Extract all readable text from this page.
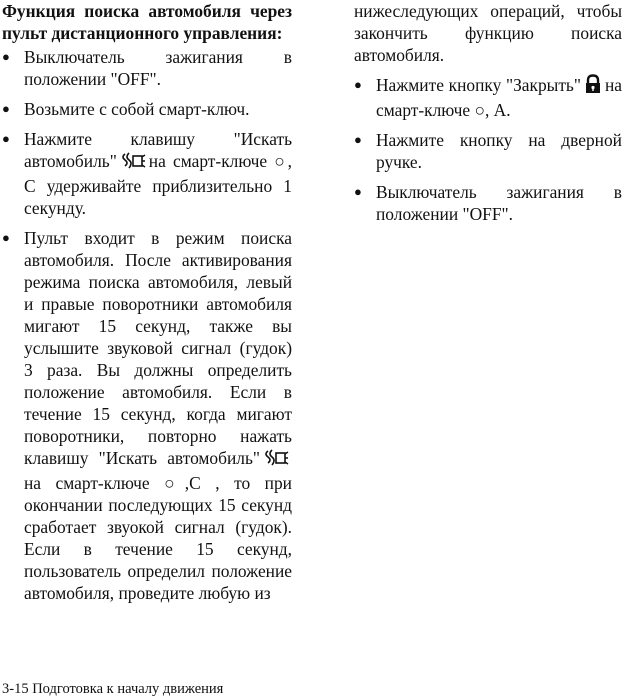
Функция поиска автомобиля через пульт дистанционного управления:

● Выключатель зажигания в положении "OFF".
● Возьмите с собой смарт-ключ.
● Нажмите клавишу "Искать автомобиль" на смарт-ключе ○, С удерживайте приблизительно 1 секунду.
● Пульт входит в режим поиска автомобиля. После активирования режима поиска автомобиля, левый и правые поворотники автомобиля мигают 15 секунд, также вы услышите звуковой сигнал (гудок) 3 раза. Вы должны определить положение автомобиля. Если в течение 15 секунд, когда мигают поворотники, повторно нажать клавишу "Искать автомобиль"на смарт-ключе ○,С , то при окончании последующих 15 секунд сработает звуокой сигнал (гудок). Если в течение 15 секунд, пользователь определил положение автомобиля, проведите любую из

нижеследующих операций, чтобы закончить функцию поиска автомобиля.

● Нажмите кнопку "Закрыть" на смарт-ключе ○, А.
● Нажмите кнопку на дверной ручке.
● Выключатель зажигания в положении "OFF".
3-15 Подготовка к началу движения
